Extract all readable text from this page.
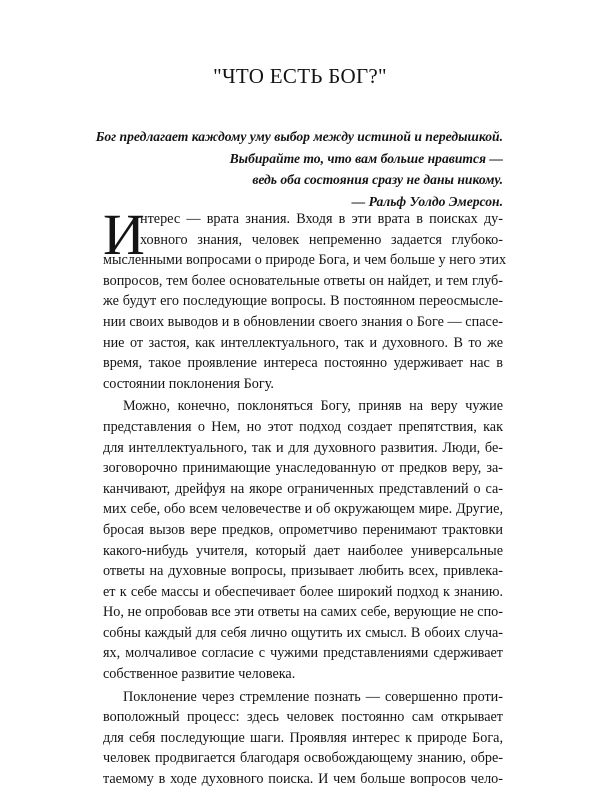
"ЧТО ЕСТЬ БОГ?"
Бог предлагает каждому уму выбор между истиной и передышкой.
Выбирайте то, что вам больше нравится —
ведь оба состояния сразу не даны никому.
— Ральф Уолдо Эмерсон.
И
нтерес — врата знания. Входя в эти врата в поисках ду-
ховного знания, человек непременно задается глубоко-
мысленными вопросами о природе Бога, и чем больше у него этих
вопросов, тем более основательные ответы он найдет, и тем глуб-
же будут его последующие вопросы. В постоянном переосмысле-
нии своих выводов и в обновлении своего знания о Боге — спасе-
ние от застоя, как интеллектуального, так и духовного. В то же
время, такое проявление интереса постоянно удерживает нас в
состоянии поклонения Богу.
Можно, конечно, поклоняться Богу, приняв на веру чужие
представления о Нем, но этот подход создает препятствия, как
для интеллектуального, так и для духовного развития. Люди, бе-
зоговорочно принимающие унаследованную от предков веру, за-
канчивают, дрейфуя на якоре ограниченных представлений о са-
мих себе, обо всем человечестве и об окружающем мире. Другие,
бросая вызов вере предков, опрометчиво перенимают трактовки
какого-нибудь учителя, который дает наиболее универсальные
ответы на духовные вопросы, призывает любить всех, привлека-
ет к себе массы и обеспечивает более широкий подход к знанию.
Но, не опробовав все эти ответы на самих себе, верующие не спо-
собны каждый для себя лично ощутить их смысл. В обоих случа-
ях, молчаливое согласие с чужими представлениями сдерживает
собственное развитие человека.
Поклонение через стремление познать — совершенно проти-
воположный процесс: здесь человек постоянно сам открывает
для себя последующие шаги. Проявляя интерес к природе Бога,
человек продвигается благодаря освобождающему знанию, обре-
таемому в ходе духовного поиска. И чем больше вопросов чело-
